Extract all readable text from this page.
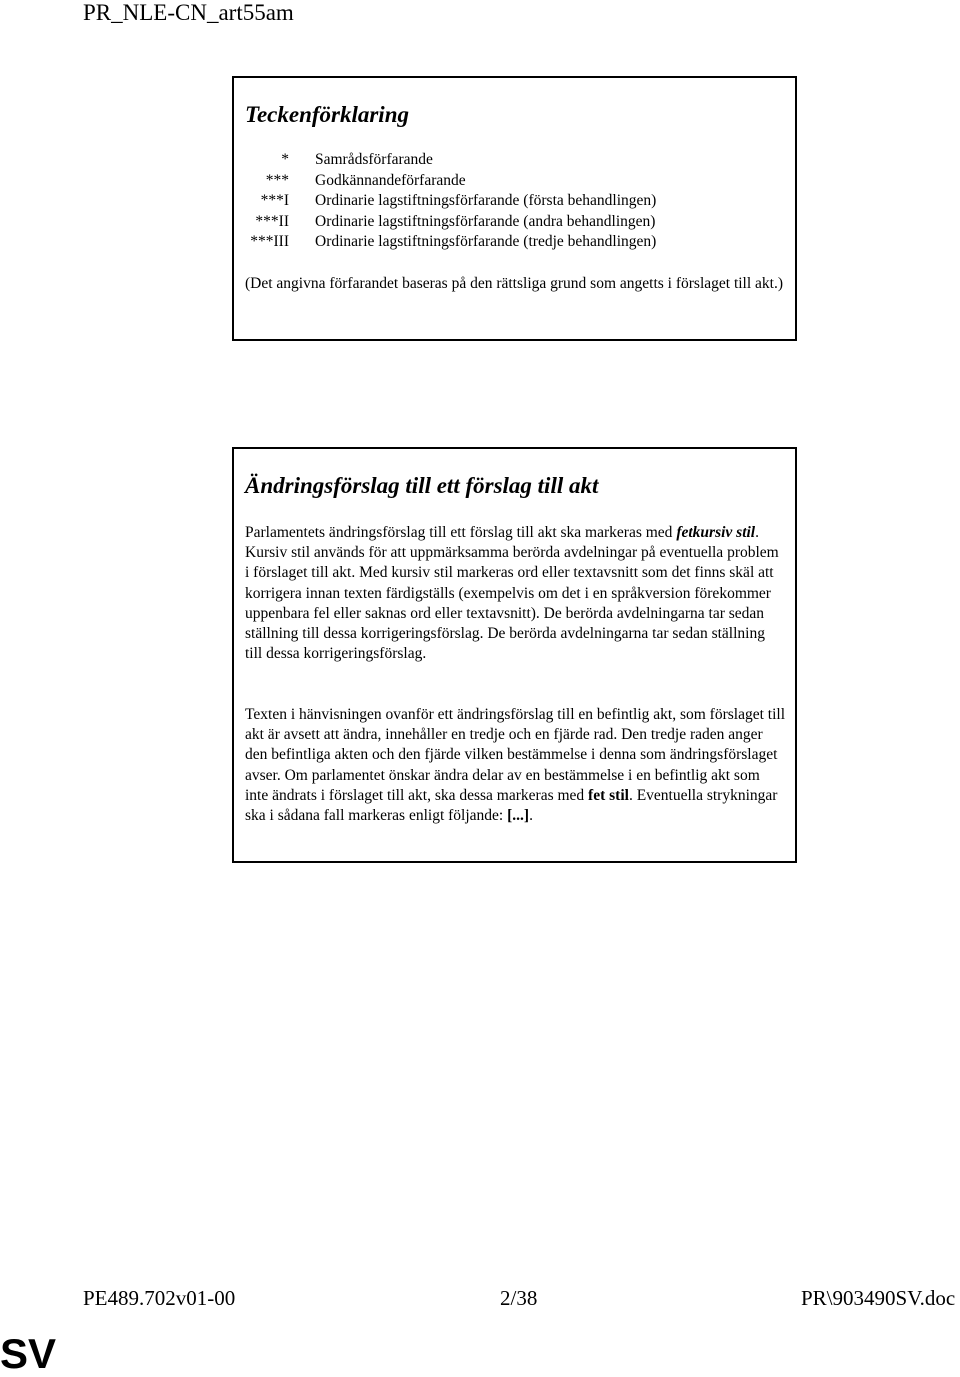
PR_NLE-CN_art55am
Teckenförklaring
*	Samrådsförfarande
***	Godkännandeförfarande
***I	Ordinarie lagstiftningsförfarande (första behandlingen)
***II	Ordinarie lagstiftningsförfarande (andra behandlingen)
***III	Ordinarie lagstiftningsförfarande (tredje behandlingen)

(Det angivna förfarandet baseras på den rättsliga grund som angetts i förslaget till akt.)

Ändringsförslag till ett förslag till akt

Parlamentets ändringsförslag till ett förslag till akt ska markeras med fetkursiv stil. Kursiv stil används för att uppmärksamma berörda avdelningar på eventuella problem i förslaget till akt. Med kursiv stil markeras ord eller textavsnitt som det finns skäl att korrigera innan texten färdigställs (exempelvis om det i en språkversion förekommer uppenbara fel eller saknas ord eller textavsnitt). De berörda avdelningarna tar sedan ställning till dessa korrigeringsförslag. De berörda avdelningarna tar sedan ställning till dessa korrigeringsförslag.

Texten i hänvisningen ovanför ett ändringsförslag till en befintlig akt, som förslaget till akt är avsett att ändra, innehåller en tredje och en fjärde rad. Den tredje raden anger den befintliga akten och den fjärde vilken bestämmelse i denna som ändringsförslaget avser. Om parlamentet önskar ändra delar av en bestämmelse i en befintlig akt som inte ändrats i förslaget till akt, ska dessa markeras med fet stil. Eventuella strykningar ska i sådana fall markeras enligt följande: [...].

PE489.702v01-00	2/38	PR\903490SV.doc
SV
